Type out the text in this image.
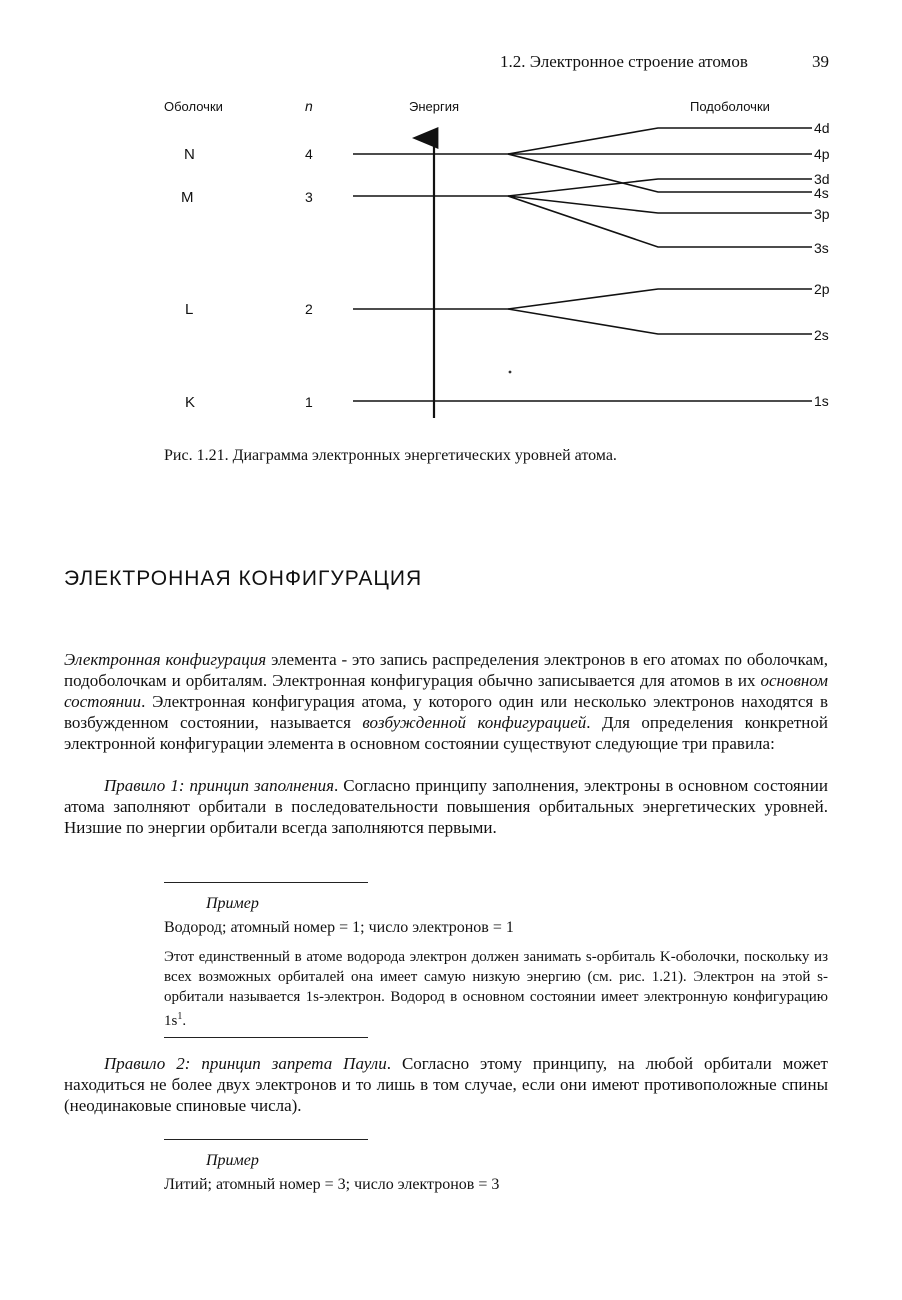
1.2. Электронное строение атомов	39
Оболочки	n	Энергия	Подоболочки
N
M
L
K
4
3
2
1
4d
4p
3d
4s
3p
3s
2p
2s
1s
Рис. 1.21. Диаграмма электронных энергетических уровней атома.
ЭЛЕКТРОННАЯ КОНФИГУРАЦИЯ

Электронная конфигурация элемента - это запись распределения электронов в его атомах по оболочкам, подоболочкам и орбиталям. Электронная конфигурация обычно записывается для атомов в их основном состоянии. Электронная конфигурация атома, у которого один или несколько электронов находятся в возбужденном состоянии, называется возбужденной конфигурацией. Для определения конкретной электронной конфигурации элемента в основном состоянии существуют следующие три правила:

Правило 1: принцип заполнения. Согласно принципу заполнения, электроны в основном состоянии атома заполняют орбитали в последовательности повышения орбитальных энергетических уровней. Низшие по энергии орбитали всегда заполняются первыми.

Пример
Водород; атомный номер = 1; число электронов = 1
Этот единственный в атоме водорода электрон должен занимать s-орбиталь K-оболочки, поскольку из всех возможных орбиталей она имеет самую низкую энергию (см. рис. 1.21). Электрон на этой s-орбитали называется 1s-электрон. Водород в основном состоянии имеет электронную конфигурацию $1s^1$.

Правило 2: принцип запрета Паули. Согласно этому принципу, на любой орбитали может находиться не более двух электронов и то лишь в том случае, если они имеют противоположные спины (неодинаковые спиновые числа).

Пример
Литий; атомный номер = 3; число электронов = 3
